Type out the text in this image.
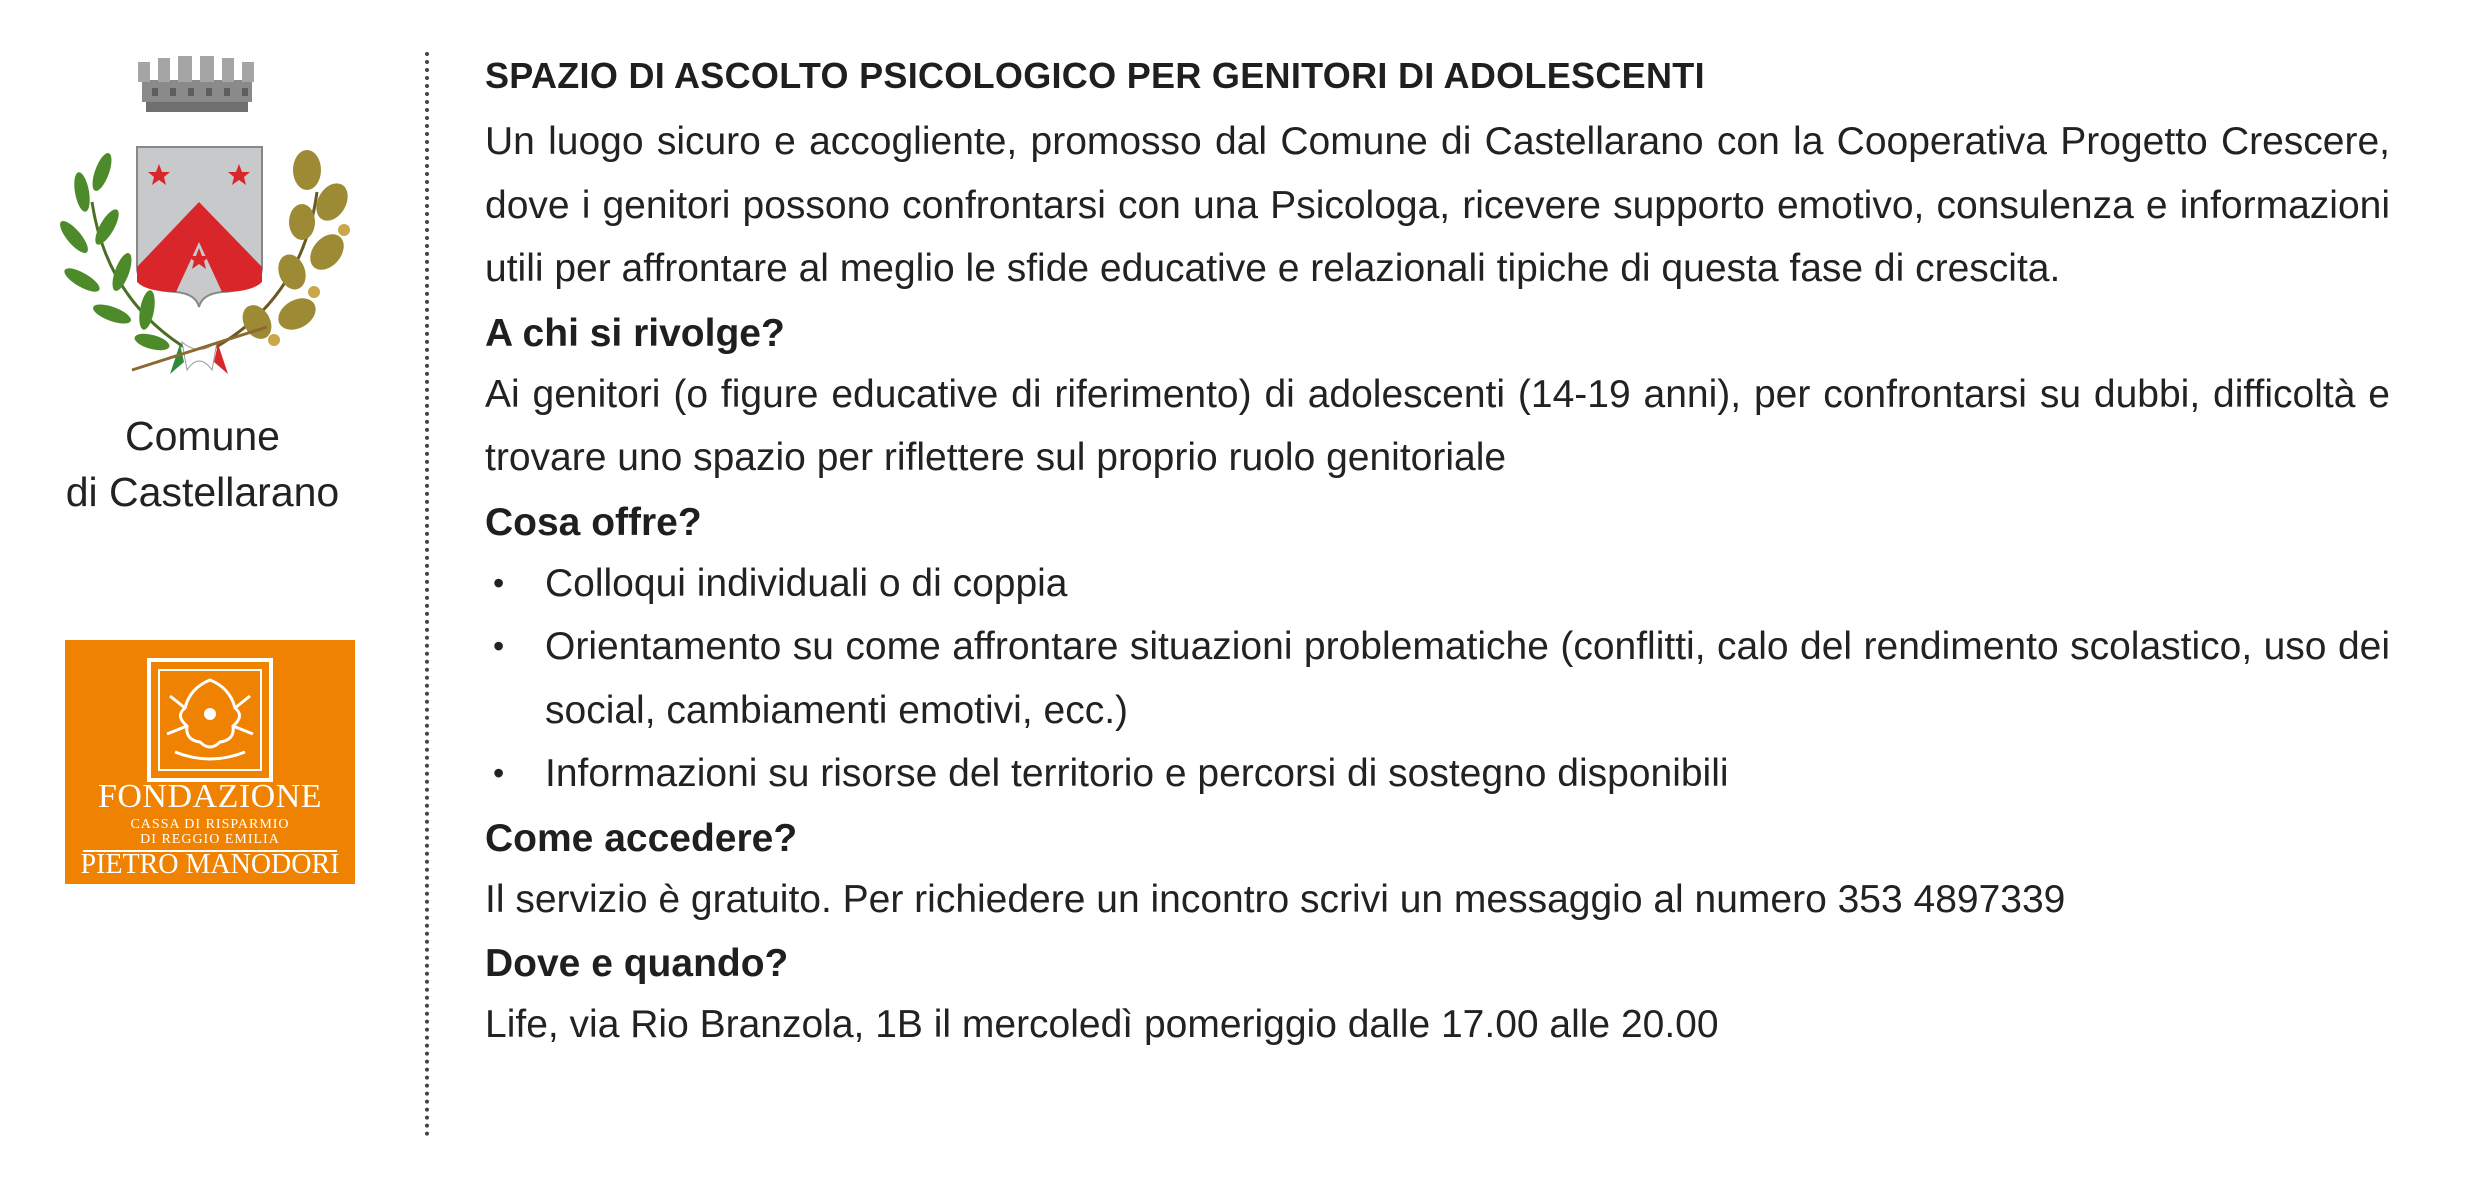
Comune
di Castellarano
FONDAZIONE
CASSA DI RISPARMIO
DI REGGIO EMILIA
PIETRO MANODORI
SPAZIO DI ASCOLTO PSICOLOGICO PER GENITORI DI ADOLESCENTI

Un luogo sicuro e accogliente, promosso dal Comune di Castellarano con la Cooperativa Progetto Crescere, dove i genitori possono confrontarsi con una Psicologa, ricevere supporto emotivo, consulenza e informazioni utili per affrontare al meglio le sfide educative e relazionali tipiche di questa fase di crescita.

A chi si rivolge?

Ai genitori (o figure educative di riferimento) di adolescenti (14-19 anni), per confrontarsi su dubbi, difficoltà e trovare uno spazio per riflettere sul proprio ruolo genitoriale

Cosa offre?
• Colloqui individuali o di coppia
• Orientamento su come affrontare situazioni problematiche (conflitti, calo del rendimento scolastico, uso dei social, cambiamenti emotivi, ecc.)
• Informazioni su risorse del territorio e percorsi di sostegno disponibili
Come accedere?

Il servizio è gratuito. Per richiedere un incontro scrivi un messaggio al numero 353 4897339

Dove e quando?

Life, via Rio Branzola, 1B il mercoledì pomeriggio dalle 17.00 alle 20.00
